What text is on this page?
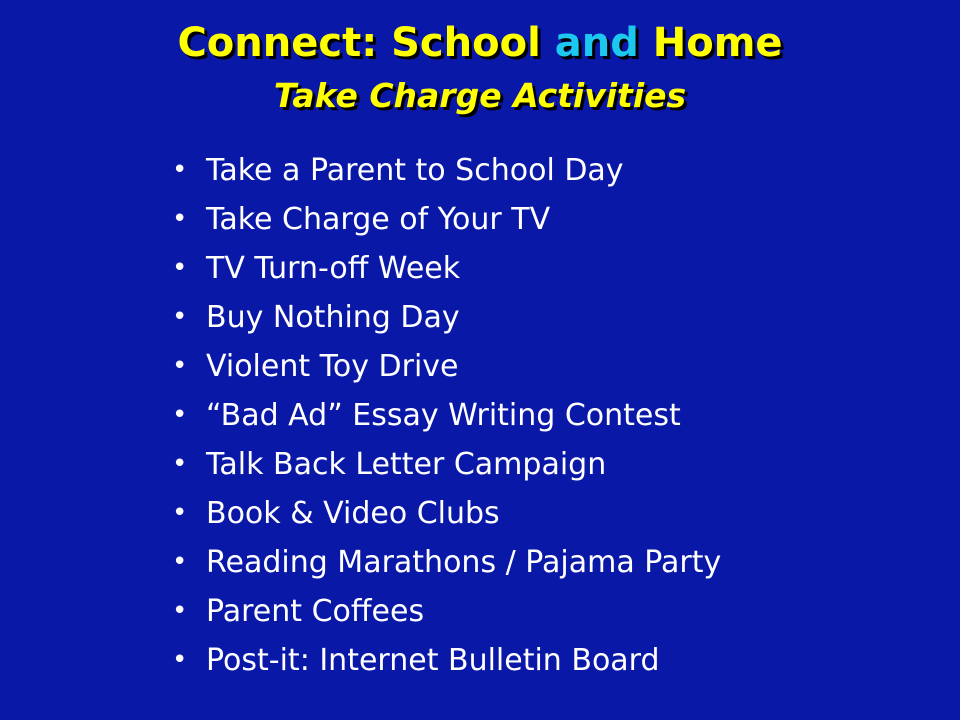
Connect: School and Home
Take Charge Activities
• Take a Parent to School Day
• Take Charge of Your TV
• TV Turn-off Week
• Buy Nothing Day
• Violent Toy Drive
• “Bad Ad” Essay Writing Contest
• Talk Back Letter Campaign
• Book & Video Clubs
• Reading Marathons / Pajama Party
• Parent Coffees
• Post-it: Internet Bulletin Board
